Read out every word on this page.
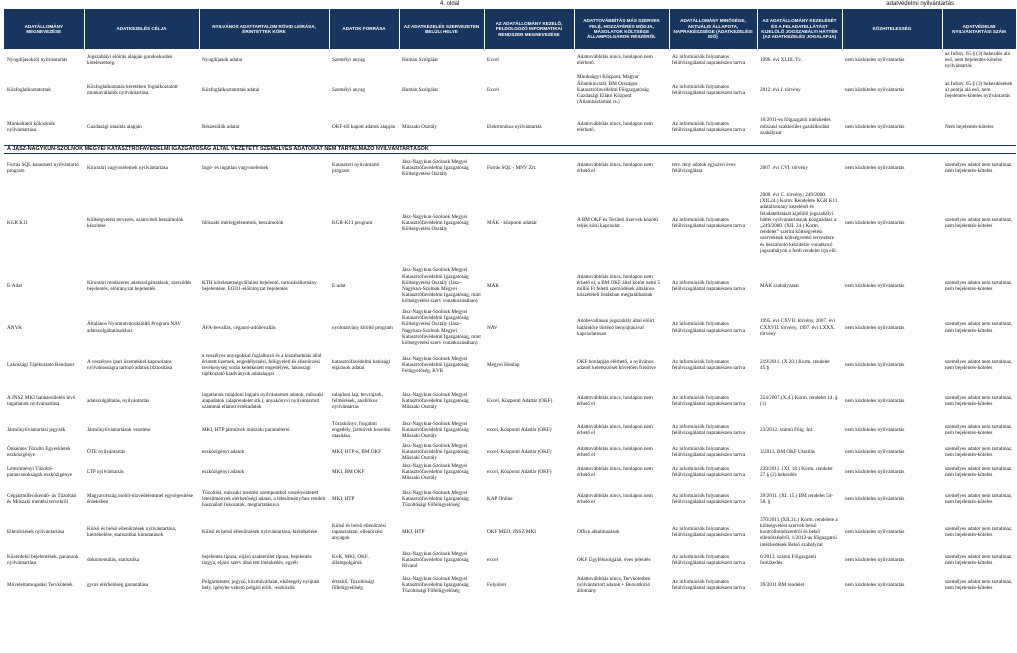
4. oldal	adatvédelmi nyilvántartás
ADATÁLLOMÁNY MEGNEVEZÉSE	ADATKEZELÉS CÉLJA	NYILVÁNOS ADATTARTALOM RÖVID LEÍRÁSA, ÉRINTETTEK KÖRE	ADATOK FORRÁSA	AZ ADATKEZELÉS SZERVEZETEN BELÜLI HELYE	AZ ADATÁLLOMÁNY KEZELŐ, FELDOLGOZÓ INFORMATIKAI RENDSZER MEGNEVEZÉSE	ADATTOVÁBBÍTÁS MÁS SZERVEK FELÉ, HOZZÁFÉRÉS MÓDJA, MÁSOLATOK KÖLTSÉGE ÁLLAMPOLGÁROK RÉSZÉRŐL	ADATÁLLOMÁNY MINŐSÉGE, AKTUÁLIS ÁLLAPOTA, NAPRAKÉSZSÉGE (ADATKEZELÉSI IDŐ)	AZ ADATÁLLOMÁNY KEZELÉSÉT ÉS A FELADATELLÁTÁST KIJELÖLŐ JOGSZABÁLYI HÁTTÉR (AZ ADATKEZELÉS JOGALAPJA)	KÖZHITELESSÉG	ADATVÉDELMI NYILVÁNTARTÁSI SZÁM
Nyugdíjasokról nyilvántartás	Jogszabályi előírás alapján gondoskodási kötelezettség.	Nyugdíjasok adatai	Személyi anyag	Humán Szolgálat	Excel	Adattovábbítás nincs, honlapon nem elérhető.	Az információk folyamatos felülvizsgálattal naprakészen tartva	1996. évi XLIII. Tv.	nem közhiteles nyilvántartás	az Infotv. 65.§ (3) bekezdés alá eső, nem bejelentés-köteles nyilvántartás
Közfoglalkoztatottak	Közfoglalkoztatás keretében foglalkoztatott munkavállalók nyilvántartása.	Közfoglalkoztatottak adatai	Személyi anyag	Humán Szolgálat	Excel	Munkaügyi Központ, Magyar Államkincstár, BM Országos Katasztrófavédelmi Főigazgatóság Gazdasági Ellátó Központ (Államháztartási rs.)	Az információk folyamatos felülvizsgálattal naprakészen tartva	2012. évi I. törvény	nem közhiteles nyilvántartás	az Infotv. 65.§ (3) bekezdésének a) pontja alá eső, nem bejelentés-köteles nyilvántartás
Munkáltatói kölcsönök nyilvántartása	Gazdasági utasítás alapján	Részesülők adatai	OKF-től kapott adatok alapján	Műszaki Osztály	Elektronikus nyilvántartás	Adattovábbítás nincs, honlapon nem elérhető.	Az információk folyamatos felülvizsgálattal naprakészen tartva	16/2011-es főigazgatói intézkedés műszaki szakterület gazdálkodási szabályzat	nem közhiteles nyilvántartás	Nem bejelentés-köteles
A JÁSZ-NAGYKUN-SZOLNOK MEGYEI KATASZTRÓFAVÉDELMI IGAZGATÓSÁG ÁLTAL VEZETETT SZEMÉLYES ADATOKAT NEM TARTALMAZÓ NYILVÁNTARTÁSOK										
Forrás SQL kataszteri nyilvántartó program	Kincstári vagyonelemek nyilvántartása	Ingó- és ingatlan vagyonelemek	Kataszteri nyilvántartó program	Jász-Nagykun-Szolnok Megyei Katasztrófavédelmi Igazgatóság Költségvetési Osztály	Forrás SQL - MNV Zrt.	Adattovábbítás nincs, honlapon nem érhető el	terv. tény adatok egyszeri éves felülvizsgálata	2007. évi CVI. törvény	nem közhiteles nyilvántartás	személyes adatot nem tartalmaz, nem bejelentés-köteles
KGR K11	Költségvetési tervezés, számviteli beszámolók készítése	Időszaki mérlegjelentések, beszámolók	KGR-K11 program	Jász-Nagykun-Szolnok Megyei Katasztrófavédelmi Igazgatóság Költségvetési Osztály	MÁK - központi adattár	A BM OKF és Területi Szervek közötti teljes körű kapcsolat	Az információk folyamatos felülvizsgálattal naprakészen tartva	2000. évi C. törvény; 249/2000. (XII.24.) Korm. Rendelete KGR K11 adatállomány kezelését és feladatellátását kijelölő jogszabályi háttér nyilvántartásnak közgazdász a „249/2000. (XII. 24.) Korm. rendelet” szerint költségvetési szerveknek költségvetési tervezésre és beszámoló készítésre vonatkozó jogszabályok a fenti rendelet írja elő.	nem közhiteles nyilvántartás	személyes adatot nem tartalmaz, nem bejelentés-köteles
E-Adat	Kincstári rendszeres adatszolgáltatások, szerződés bejelentés, előirányzat bejelentés	KTH kötelezettségvállalási bejelentő, tartozásállomány bejelentése, EGO1-előirányzat bejelentés	E-adat	Jász-Nagykun-Szolnok Megyei Katasztrófavédelmi Igazgatóság Költségvetési Osztály (Jász-Nagykun-Szolnok Megyei Katasztrófavédelmi Igazgatóság, mint költségvetési szerv vonatkozásában)	MÁK	Adattovábbítás nincs, honlapon nem érhető el, a BM OKF által kötött nettó 5 millió Ft feletti szerződések általános közzétételi listákban megtalálhatóak	Az információk folyamatos felülvizsgálattal naprakészen tartva	MÁK szabályzatai	nem közhiteles nyilvántartás	személyes adatot nem tartalmaz, nem bejelentés-köteles
ÁNYK	Általános Nyomtatványkitöltő Program NAV adatszolgáltatásokhoz	ÁFA-bevallás, cégautó-adóbevallás	nyomtatvány kitöltő program	Jász-Nagykun-Szolnok Megyei Katasztrófavédelmi Igazgatóság Költségvetési Osztály (Jász-Nagykun-Szolnok Megyei Katasztrófavédelmi Igazgatóság, mint költségvetési szerv vonatkozásában)	NAV	Adóbevallások jogszabály által előírt határidőre történő benyújtásával kapcsolatosan	Az információk folyamatos felülvizsgálattal naprakészen tartva	1995. évi CXVII. törvény, 2007. évi CXXVII. törvény, 1997. évi LXXX. törvény	nem közhiteles nyilvántartás	személyes adatot nem tartalmaz, nem bejelentés-köteles
Lakossági Tájékoztató Rendszer	A veszélyes ipari üzemekkel kapcsolatos nyilvánosságra tartozó adatok biztosítása	a veszélyes anyagokkal foglalkozó és a kiszabadulás által érintett üzemek, engedélyezési, felügyeleti és ellenőrzési tevékenység során keletkezett engedélyek, lakossági tájékoztató kiadványok adatalapjai	katasztrófavédelmi hatósági eljárások adatai	Jász-Nagykun-Szolnok Megyei Katasztrófavédelmi Igazgatóság Felügyelőség, KVK	Megyei Honlap	OKF honlapján elérhető, a nyilvános adatok keletkezését követően frissítve	Az információk folyamatos felülvizsgálattal naprakészen tartva	219/2011. (X.20.) Korm. rendelet 45.§	nem közhiteles nyilvántartás	személyes adatot nem tartalmaz, nem bejelentés-köteles
A JNSZ MKI hatásterületén lévő ingatlanok nyilvántartása	adatszolgáltatás, nyilvántartás	ingatlanok tulajdoni lapjain nyilvántartott adatok, műszaki alapadatok (alaprendelet stb.), anyakönyvi nyilvántartott számmal ellátott értékadatok	tulajdoni lap, tervrajzok, felmérések, analitikus nyilvántartás	Jász-Nagykun-Szolnok Megyei Katasztrófavédelmi Igazgatóság Műszaki Osztály	Excel, Központi Adattár (OKF)	Adattovábbítás nincs, honlapon nem érhető el	Az információk folyamatos felülvizsgálattal naprakészen tartva	254/2007.(X.4.) Korm. rendelet 14. § (1)	nem közhiteles nyilvántartás	személyes adatot nem tartalmaz, nem bejelentés-köteles
Járműnyilvántartási jegyzék	Járműnyilvántartások vezetése	MKI, HTP járművek műszaki paraméterei	Törzskönyv, forgalmi engedély, járművek kezelési utasítása	Jász-Nagykun-Szolnok Megyei Katasztrófavédelmi Igazgatóság Műszaki Osztály	excel, Központi Adattár (OKF)	Adattovábbítás nincs, honlapon nem érhető el	Az információk folyamatos felülvizsgálattal naprakészen tartva	23/2012. számú Főig. Int.	nem közhiteles nyilvántartás	személyes adatot nem tartalmaz, nem bejelentés-köteles
Önkéntes Tűzoltó Egyesületek eszközigénye	ÖTE nyilvántartás	eszközigényi adatok	MKI, HTP-k, BM OKF	Jász-Nagykun-Szolnok Megyei Katasztrófavédelmi Igazgatóság Műszaki Osztály	excel, Központi Adattár (OKF)	Adattovábbítás nincs, honlapon nem érhető el	Az információk folyamatos felülvizsgálattal naprakészen tartva	3/2013. BM OKF Utasítás	nem közhiteles nyilvántartás	személyes adatot nem tartalmaz, nem bejelentés-köteles
Létesítményi Tűzoltó-parancsnokságok eszközigénye	LTP nyilvántartás	eszközigényi adatok	MKI, BM OKF	Jász-Nagykun-Szolnok Megyei Katasztrófavédelmi Igazgatóság Műszaki Osztály	excel, Központi Adattár (OKF)	Adattovábbítás nincs, honlapon nem érhető el	Az információk folyamatos felülvizsgálattal naprakészen tartva	239/2011. (XI. 18.) Korm. rendelet 27.§ (2) bekezdés	nem közhiteles nyilvántartás	személyes adatot nem tartalmaz, nem bejelentés-köteles
Gépjárműfecskendő- ás Tűzoltási és Műszaki mentési tervekről	Magyarország mobil-tűzvédelemmel egységesítése érdekében	Tűzoltási, műszaki mentési szempontból veszélyeztetett létesítmények elérhetőségi adatai, a létesítmény/hez rendelt használati fokozatok, megtartatásuva	MKI, HTP	Jász-Nagykun-Szolnok Megyei Katasztrófavédelmi Igazgatóság Tűzoltósági Főfelügyelőség	KAP Online	Adattovábbítás nincs, honlapon nem érhető el	Az információk folyamatos felülvizsgálattal naprakészen tartva	39/2011. (XI. 15.) BM rendelet 54-58. §	nem közhiteles nyilvántartás	személyes adatot nem tartalmaz, nem bejelentés-köteles
Ellenőrzések nyilvántartása	Külső és belső ellenőrzések nyilvántartása, kiértékelése, statisztikai kimutatások	Külső és belső ellenőrzések nyilvántartása, kiértékelése	Külső és belső ellenőrzési tapasztalatai, ellenőrzési anyagok	MKI, HTP	OKF MEO, JNSZ MKI	Office alkalmazások	Az információk folyamatos felülvizsgálattal naprakészen tartva	370/2011.(XII.31.) Korm. rendelete a költségvetési szervek belső kontrollrendszeréről és belső ellenőrzéséről, 1/2013-as főigazgatói intézkedések Belső szabályzat	nem közhiteles nyilvántartás	személyes adatot nem tartalmaz, nem bejelentés-köteles
Közérdekű bejelentések, panaszok nyilvántartása	dokumentálás, statisztika	bejelentés típusa, eljáró szakterület típusa, bejelentés tárgya, eljáró szerv által tett intézkedés, egyéb	KvK, MKI, OKF, állampolgárok	Jász-Nagykun-Szolnok Megyei Katasztrófavédelmi Igazgatóság Hivatal	excel	OKF Ügyfélszolgálat, éves jelentés	Az információk folyamatos felülvizsgálattal naprakészen tartva	6/2013. számú Főigazgatói Intézkedés	nem közhiteles nyilvántartás	személyes adatot nem tartalmaz, nem bejelentés-köteles
Művelettámogatási Tervkötetek	gyors elérhetőség garantálása	Polgármester, jegyző, közművállalat, elsősegély nyújtási hely, igénybe vehető polgári erők, -eszközök	értesítő, Tűzoltósági főfelügyelőség	Jász-Nagykun-Szolnok Megyei Katasztrófavédelmi Igazgatóság Tűzoltósági Főfelügyelőség	Folyóiret	Adattovábbítás nincs, Tervkötetben nyilvántartott adatok + Beavatkozó állomány	Az információk folyamatos felülvizsgálattal naprakészen tartva	39/2011 BM rendelet	nem közhiteles nyilvántartás	személyes adatot nem tartalmaz, nem bejelentés-köteles
